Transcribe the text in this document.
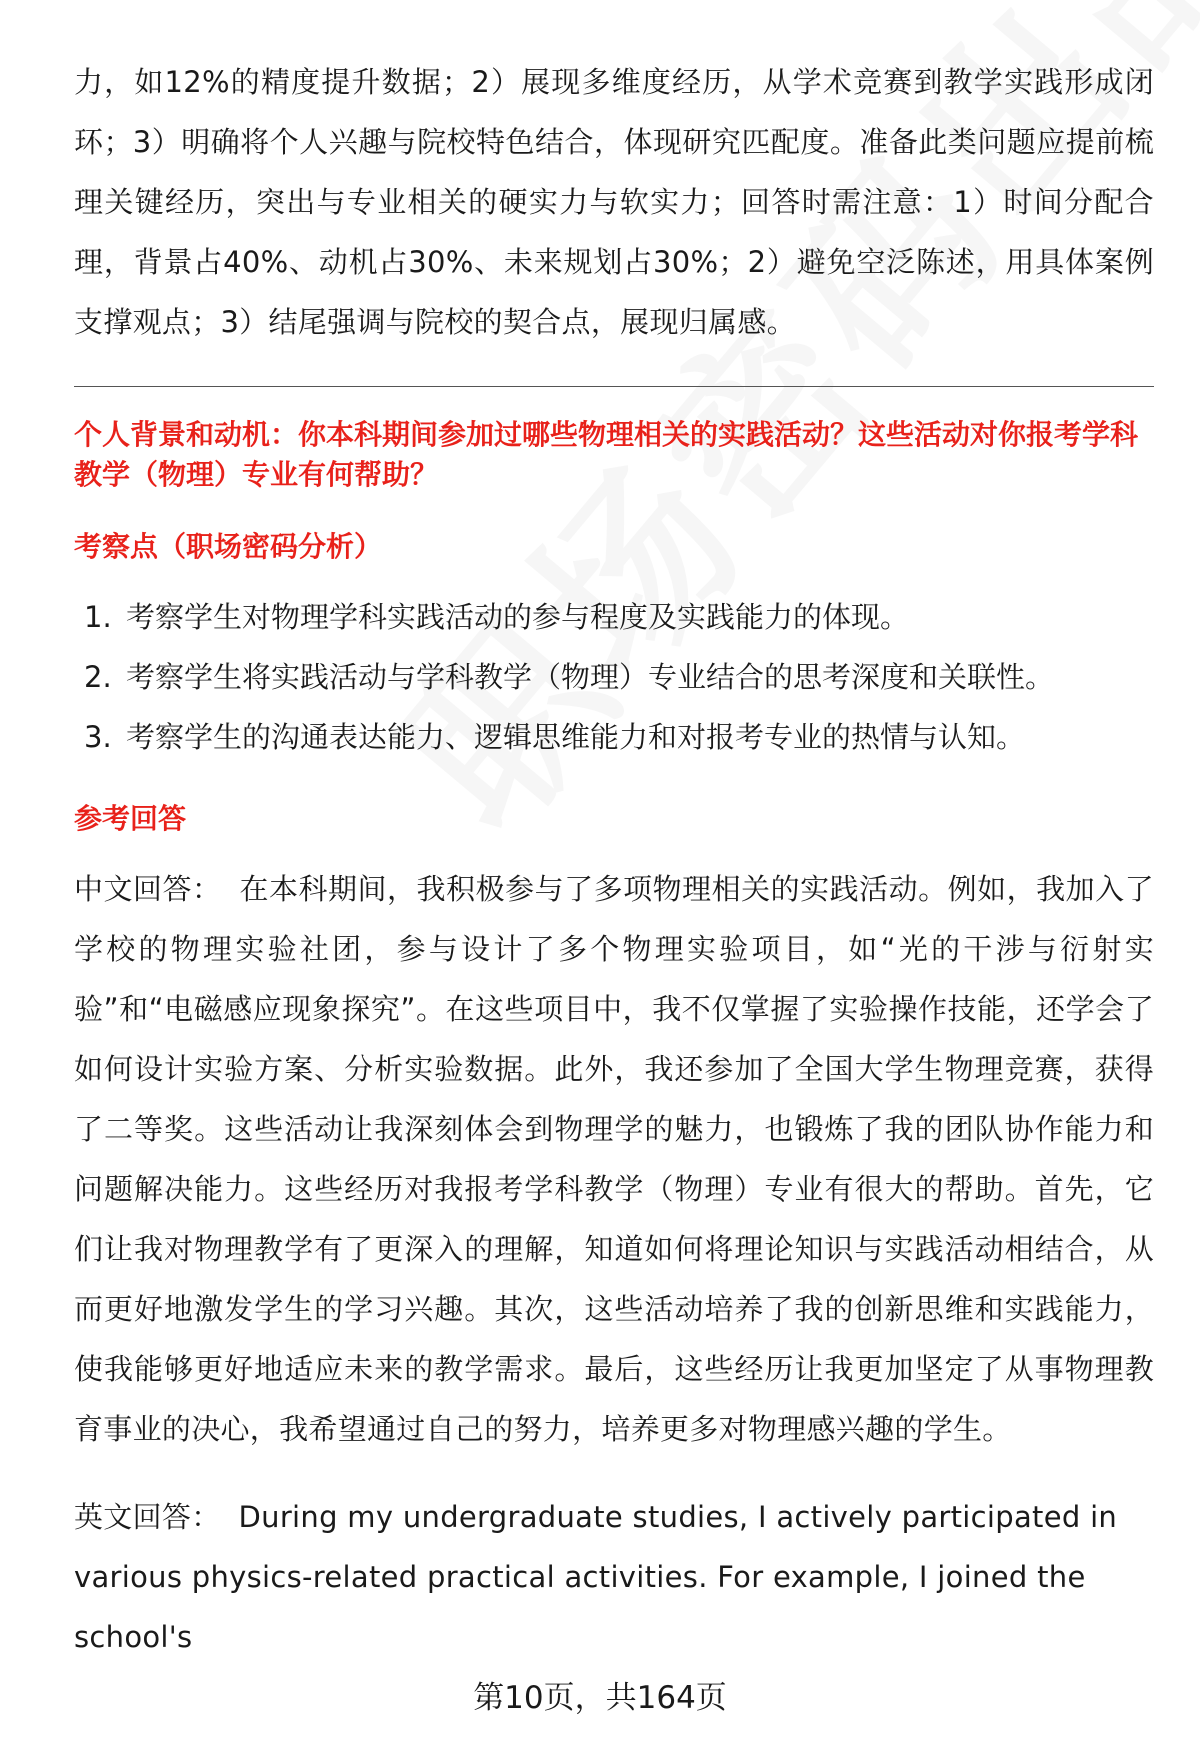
力，如12%的精度提升数据；2）展现多维度经历，从学术竞赛到教学实践形成闭环；3）明确将个人兴趣与院校特色结合，体现研究匹配度。准备此类问题应提前梳理关键经历，突出与专业相关的硬实力与软实力；回答时需注意：1）时间分配合理，背景占40%、动机占30%、未来规划占30%；2）避免空泛陈述，用具体案例支撑观点；3）结尾强调与院校的契合点，展现归属感。

个人背景和动机：你本科期间参加过哪些物理相关的实践活动？这些活动对你报考学科教学（物理）专业有何帮助？

考察点（职场密码分析）
1. 考察学生对物理学科实践活动的参与程度及实践能力的体现。
2. 考察学生将实践活动与学科教学（物理）专业结合的思考深度和关联性。
3. 考察学生的沟通表达能力、逻辑思维能力和对报考专业的热情与认知。
参考回答

中文回答： 在本科期间，我积极参与了多项物理相关的实践活动。例如，我加入了学校的物理实验社团，参与设计了多个物理实验项目，如“光的干涉与衍射实验”和“电磁感应现象探究”。在这些项目中，我不仅掌握了实验操作技能，还学会了如何设计实验方案、分析实验数据。此外，我还参加了全国大学生物理竞赛，获得了二等奖。这些活动让我深刻体会到物理学的魅力，也锻炼了我的团队协作能力和问题解决能力。这些经历对我报考学科教学（物理）专业有很大的帮助。首先，它们让我对物理教学有了更深入的理解，知道如何将理论知识与实践活动相结合，从而更好地激发学生的学习兴趣。其次，这些活动培养了我的创新思维和实践能力，使我能够更好地适应未来的教学需求。最后，这些经历让我更加坚定了从事物理教育事业的决心，我希望通过自己的努力，培养更多对物理感兴趣的学生。

英文回答： During my undergraduate studies, I actively participated in various physics-related practical activities. For example, I joined the school's

第10页，共164页
